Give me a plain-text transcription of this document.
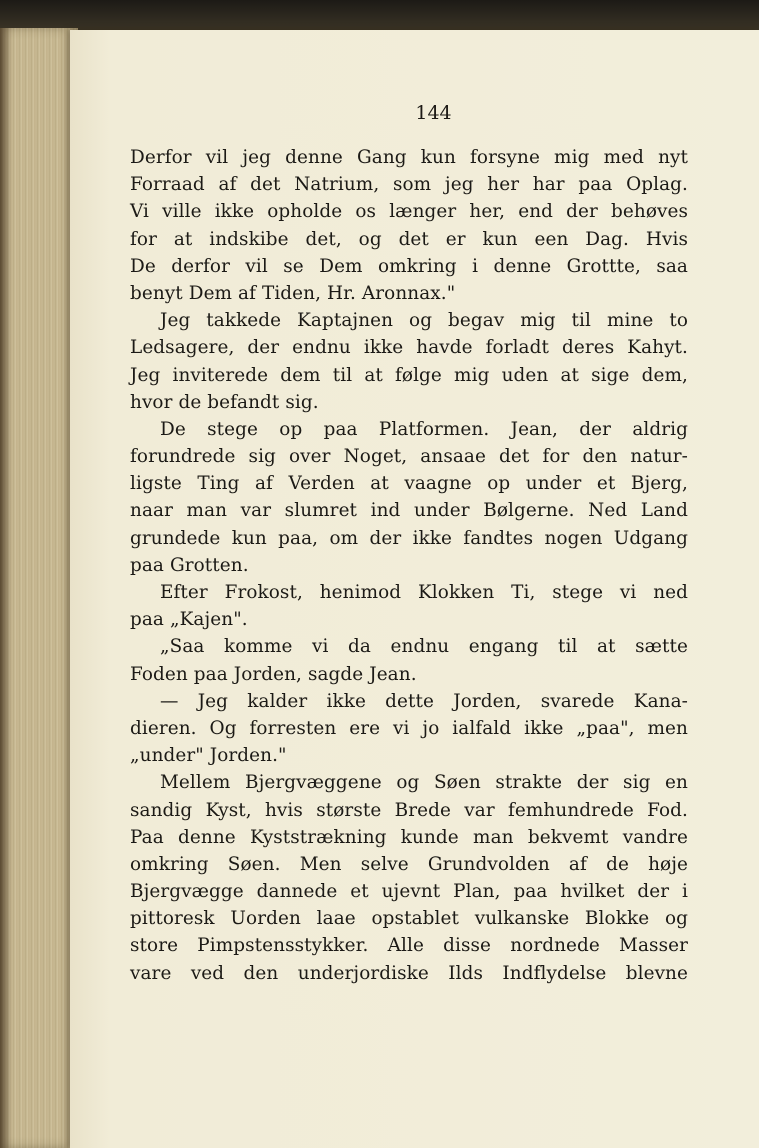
144
Derfor vil jeg denne Gang kun forsyne mig med nyt
Forraad af det Natrium, som jeg her har paa Oplag.
Vi ville ikke opholde os længer her, end der behøves
for at indskibe det, og det er kun een Dag. Hvis
De derfor vil se Dem omkring i denne Grottte, saa
benyt Dem af Tiden, Hr. Aronnax."
Jeg takkede Kaptajnen og begav mig til mine to
Ledsagere, der endnu ikke havde forladt deres Kahyt.
Jeg inviterede dem til at følge mig uden at sige dem,
hvor de befandt sig.
De stege op paa Platformen. Jean, der aldrig
forundrede sig over Noget, ansaae det for den natur-
ligste Ting af Verden at vaagne op under et Bjerg,
naar man var slumret ind under Bølgerne. Ned Land
grundede kun paa, om der ikke fandtes nogen Udgang
paa Grotten.
Efter Frokost, henimod Klokken Ti, stege vi ned
paa „Kajen".
„Saa komme vi da endnu engang til at sætte
Foden paa Jorden, sagde Jean.
— Jeg kalder ikke dette Jorden, svarede Kana-
dieren. Og forresten ere vi jo ialfald ikke „paa", men
„under" Jorden."
Mellem Bjergvæggene og Søen strakte der sig en
sandig Kyst, hvis største Brede var femhundrede Fod.
Paa denne Kyststrækning kunde man bekvemt vandre
omkring Søen. Men selve Grundvolden af de høje
Bjergvægge dannede et ujevnt Plan, paa hvilket der i
pittoresk Uorden laae opstablet vulkanske Blokke og
store Pimpstensstykker. Alle disse nordnede Masser
vare ved den underjordiske Ilds Indflydelse blevne
